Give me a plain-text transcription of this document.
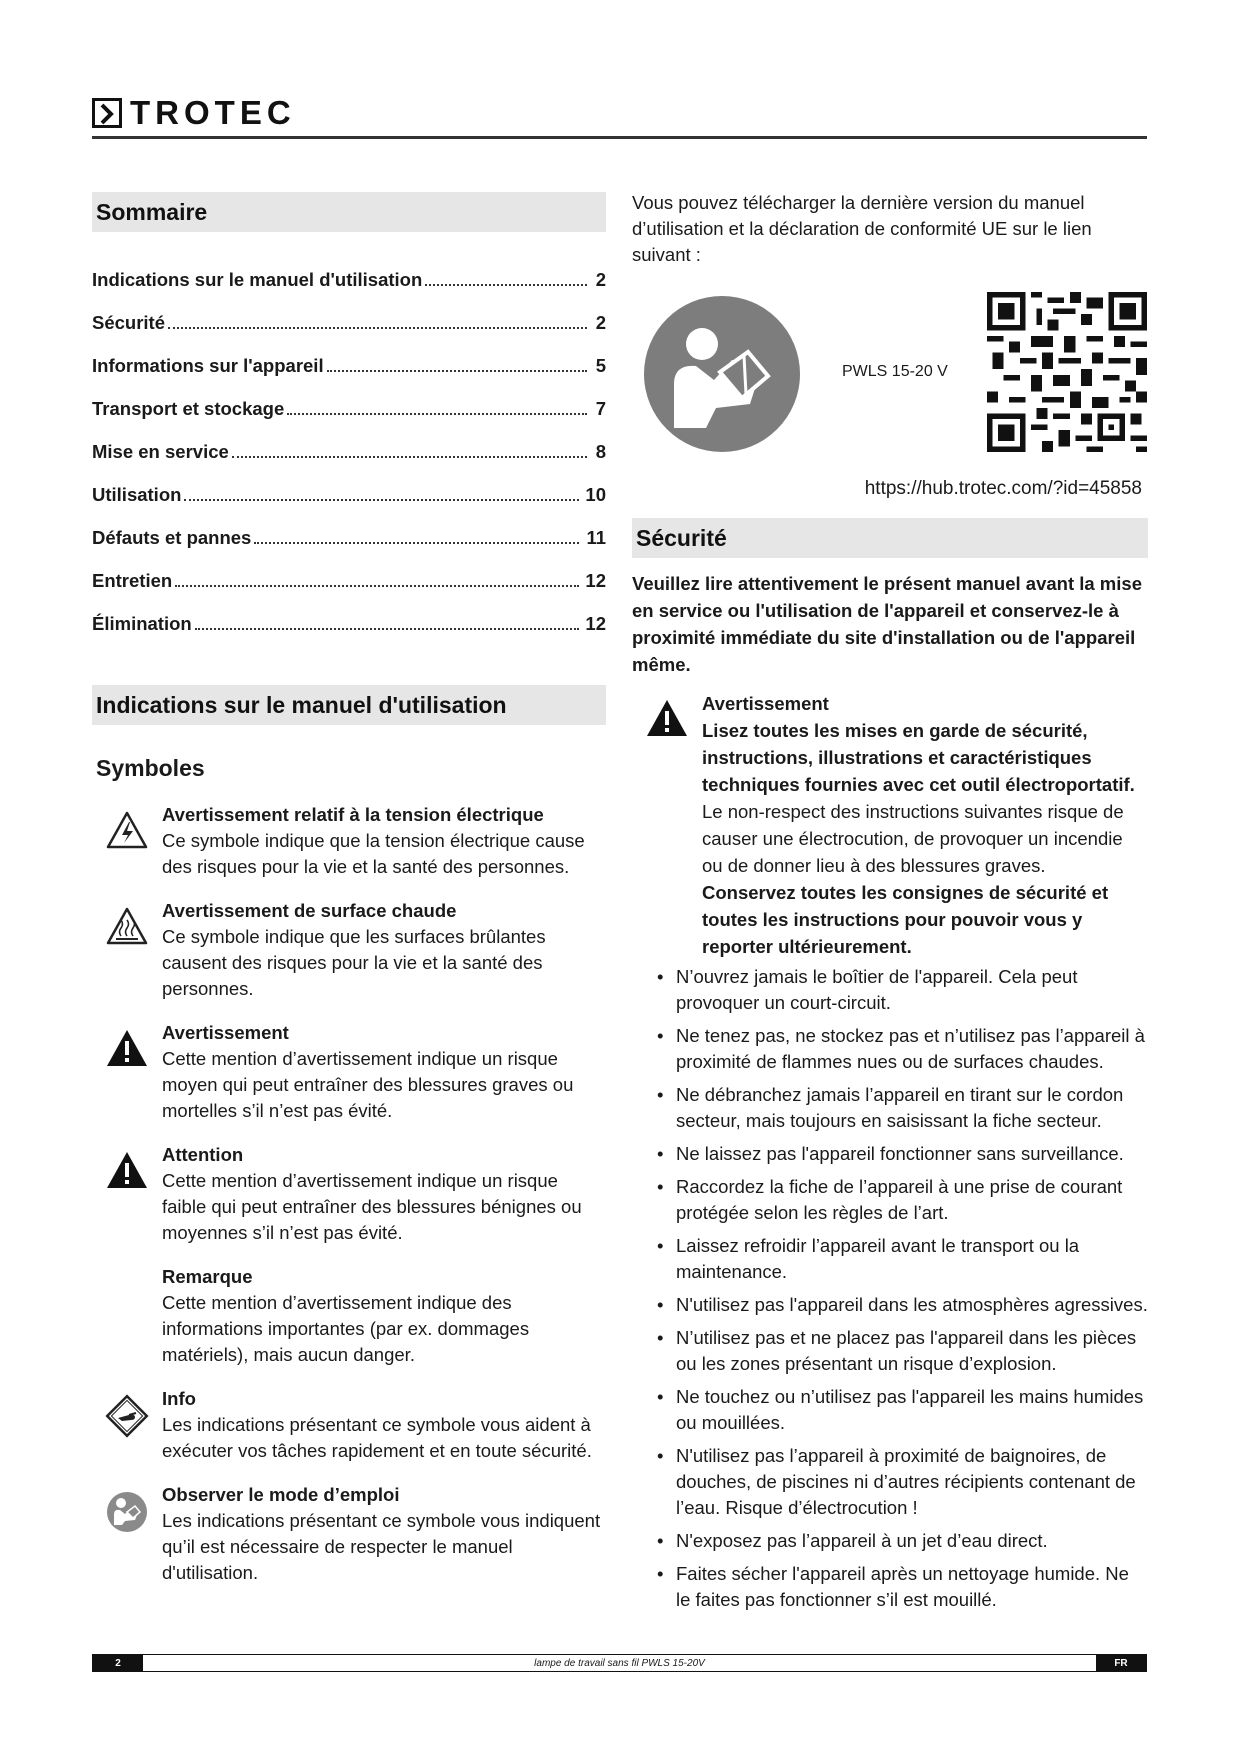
TROTEC
Sommaire
Indications sur le manuel d'utilisation	2
Sécurité	2
Informations sur l'appareil	5
Transport et stockage	7
Mise en service	8
Utilisation	10
Défauts et pannes	11
Entretien	12
Élimination	12
Indications sur le manuel d'utilisation
Symboles
Avertissement relatif à la tension électrique
Ce symbole indique que la tension électrique cause des risques pour la vie et la santé des personnes.
Avertissement de surface chaude
Ce symbole indique que les surfaces brûlantes causent des risques pour la vie et la santé des personnes.
Avertissement
Cette mention d’avertissement indique un risque moyen qui peut entraîner des blessures graves ou mortelles s’il n’est pas évité.
Attention
Cette mention d’avertissement indique un risque faible qui peut entraîner des blessures bénignes ou moyennes s’il n’est pas évité.
Remarque
Cette mention d’avertissement indique des informations importantes (par ex. dommages matériels), mais aucun danger.
Info
Les indications présentant ce symbole vous aident à exécuter vos tâches rapidement et en toute sécurité.
Observer le mode d’emploi
Les indications présentant ce symbole vous indiquent qu’il est nécessaire de respecter le manuel d'utilisation.
Vous pouvez télécharger la dernière version du manuel d’utilisation et la déclaration de conformité UE sur le lien suivant :
PWLS 15-20 V
https://hub.trotec.com/?id=45858
Sécurité
Veuillez lire attentivement le présent manuel avant la mise en service ou l'utilisation de l'appareil et conservez-le à proximité immédiate du site d'installation ou de l'appareil même.
Avertissement
Lisez toutes les mises en garde de sécurité, instructions, illustrations et caractéristiques techniques fournies avec cet outil électroportatif.
Le non-respect des instructions suivantes risque de causer une électrocution, de provoquer un incendie ou de donner lieu à des blessures graves.
Conservez toutes les consignes de sécurité et toutes les instructions pour pouvoir vous y reporter ultérieurement.
• N’ouvrez jamais le boîtier de l'appareil. Cela peut provoquer un court-circuit.
• Ne tenez pas, ne stockez pas et n’utilisez pas l’appareil à proximité de flammes nues ou de surfaces chaudes.
• Ne débranchez jamais l’appareil en tirant sur le cordon secteur, mais toujours en saisissant la fiche secteur.
• Ne laissez pas l'appareil fonctionner sans surveillance.
• Raccordez la fiche de l’appareil à une prise de courant protégée selon les règles de l’art.
• Laissez refroidir l’appareil avant le transport ou la maintenance.
• N'utilisez pas l'appareil dans les atmosphères agressives.
• N’utilisez pas et ne placez pas l'appareil dans les pièces ou les zones présentant un risque d’explosion.
• Ne touchez ou n’utilisez pas l'appareil les mains humides ou mouillées.
• N'utilisez pas l’appareil à proximité de baignoires, de douches, de piscines ni d’autres récipients contenant de l’eau. Risque d’électrocution !
• N'exposez pas l’appareil à un jet d’eau direct.
• Faites sécher l'appareil après un nettoyage humide. Ne le faites pas fonctionner s’il est mouillé.
2	lampe de travail sans fil PWLS 15-20V	FR
